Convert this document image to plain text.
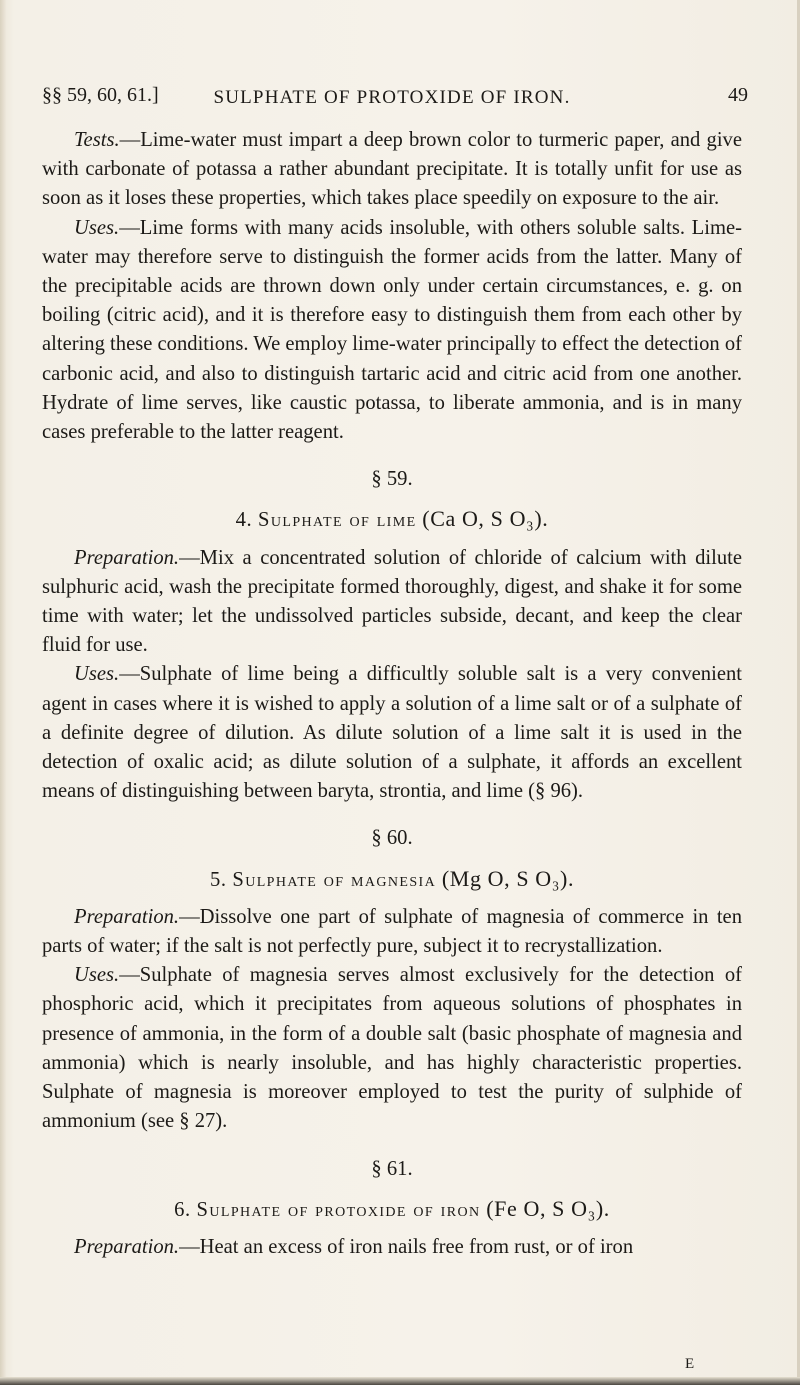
§§ 59, 60, 61.]	SULPHATE OF PROTOXIDE OF IRON.	49

Tests.—Lime-water must impart a deep brown color to turmeric paper, and give with carbonate of potassa a rather abundant precipitate. It is totally unfit for use as soon as it loses these properties, which takes place speedily on exposure to the air.

Uses.—Lime forms with many acids insoluble, with others soluble salts. Lime-water may therefore serve to distinguish the former acids from the latter. Many of the precipitable acids are thrown down only under certain circumstances, e. g. on boiling (citric acid), and it is therefore easy to distinguish them from each other by altering these conditions. We employ lime-water principally to effect the detection of carbonic acid, and also to distinguish tartaric acid and citric acid from one another. Hydrate of lime serves, like caustic potassa, to liberate ammonia, and is in many cases preferable to the latter reagent.

§ 59.
4. Sulphate of lime (Ca O, S O₃).

Preparation.—Mix a concentrated solution of chloride of calcium with dilute sulphuric acid, wash the precipitate formed thoroughly, digest, and shake it for some time with water; let the undissolved particles subside, decant, and keep the clear fluid for use.

Uses.—Sulphate of lime being a difficultly soluble salt is a very convenient agent in cases where it is wished to apply a solution of a lime salt or of a sulphate of a definite degree of dilution. As dilute solution of a lime salt it is used in the detection of oxalic acid; as dilute solution of a sulphate, it affords an excellent means of distinguishing between baryta, strontia, and lime (§ 96).

§ 60.
5. Sulphate of magnesia (Mg O, S O₃).

Preparation.—Dissolve one part of sulphate of magnesia of commerce in ten parts of water; if the salt is not perfectly pure, subject it to recrystallization.

Uses.—Sulphate of magnesia serves almost exclusively for the detection of phosphoric acid, which it precipitates from aqueous solutions of phosphates in presence of ammonia, in the form of a double salt (basic phosphate of magnesia and ammonia) which is nearly insoluble, and has highly characteristic properties. Sulphate of magnesia is moreover employed to test the purity of sulphide of ammonium (see § 27).

§ 61.
6. Sulphate of protoxide of iron (Fe O, S O₃).

Preparation.—Heat an excess of iron nails free from rust, or of iron

E
